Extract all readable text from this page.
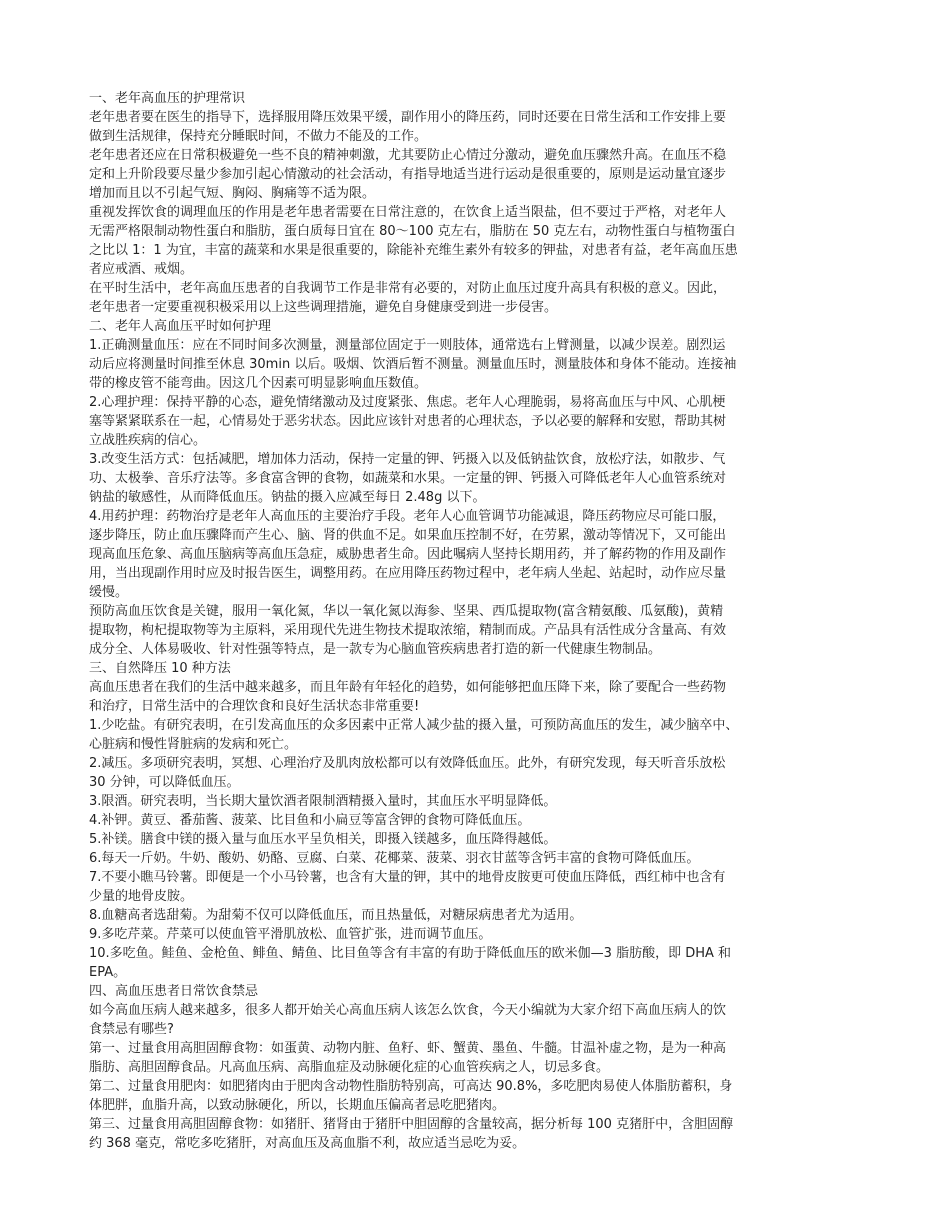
一、老年高血压的护理常识
老年患者要在医生的指导下，选择服用降压效果平缓，副作用小的降压药，同时还要在日常生活和工作安排上要
做到生活规律，保持充分睡眠时间，不做力不能及的工作。
老年患者还应在日常积极避免一些不良的精神刺激，尤其要防止心情过分激动，避免血压骤然升高。在血压不稳
定和上升阶段要尽量少参加引起心情激动的社会活动，有指导地适当进行运动是很重要的，原则是运动量宜逐步
增加而且以不引起气短、胸闷、胸痛等不适为限。
重视发挥饮食的调理血压的作用是老年患者需要在日常注意的，在饮食上适当限盐，但不要过于严格，对老年人
无需严格限制动物性蛋白和脂肪，蛋白质每日宜在 80～100 克左右，脂肪在 50 克左右，动物性蛋白与植物蛋白
之比以 1：1 为宜，丰富的蔬菜和水果是很重要的，除能补充维生素外有较多的钾盐，对患者有益，老年高血压患
者应戒酒、戒烟。
在平时生活中，老年高血压患者的自我调节工作是非常有必要的，对防止血压过度升高具有积极的意义。因此，
老年患者一定要重视积极采用以上这些调理措施，避免自身健康受到进一步侵害。
二、老年人高血压平时如何护理
1.正确测量血压：应在不同时间多次测量，测量部位固定于一则肢体，通常选右上臂测量，以减少误差。剧烈运
动后应将测量时间推至休息 30min 以后。吸烟、饮酒后暂不测量。测量血压时，测量肢体和身体不能动。连接袖
带的橡皮管不能弯曲。因这几个因素可明显影响血压数值。
2.心理护理：保持平静的心态，避免情绪激动及过度紧张、焦虑。老年人心理脆弱，易将高血压与中风、心肌梗
塞等紧紧联系在一起，心情易处于恶劣状态。因此应该针对患者的心理状态，予以必要的解释和安慰，帮助其树
立战胜疾病的信心。
3.改变生活方式：包括减肥，增加体力活动，保持一定量的钾、钙摄入以及低钠盐饮食，放松疗法，如散步、气
功、太极拳、音乐疗法等。多食富含钾的食物，如蔬菜和水果。一定量的钾、钙摄入可降低老年人心血管系统对
钠盐的敏感性，从而降低血压。钠盐的摄入应减至每日 2.48g 以下。
4.用药护理：药物治疗是老年人高血压的主要治疗手段。老年人心血管调节功能减退，降压药物应尽可能口服，
逐步降压，防止血压骤降而产生心、脑、肾的供血不足。如果血压控制不好，在劳累，激动等情况下，又可能出
现高血压危象、高血压脑病等高血压急症，威胁患者生命。因此嘱病人坚持长期用药，并了解药物的作用及副作
用，当出现副作用时应及时报告医生，调整用药。在应用降压药物过程中，老年病人坐起、站起时，动作应尽量
缓慢。
预防高血压饮食是关键，服用一氧化氮，华以一氧化氮以海参、坚果、西瓜提取物(富含精氨酸、瓜氨酸)，黄精
提取物，枸杞提取物等为主原料，采用现代先进生物技术提取浓缩，精制而成。产品具有活性成分含量高、有效
成分全、人体易吸收、针对性强等特点，是一款专为心脑血管疾病患者打造的新一代健康生物制品。
三、自然降压 10 种方法
高血压患者在我们的生活中越来越多，而且年龄有年轻化的趋势，如何能够把血压降下来，除了要配合一些药物
和治疗，日常生活中的合理饮食和良好生活状态非常重要!
1.少吃盐。有研究表明，在引发高血压的众多因素中正常人减少盐的摄入量，可预防高血压的发生，减少脑卒中、
心脏病和慢性肾脏病的发病和死亡。
2.减压。多项研究表明，冥想、心理治疗及肌肉放松都可以有效降低血压。此外，有研究发现，每天听音乐放松
30 分钟，可以降低血压。
3.限酒。研究表明，当长期大量饮酒者限制酒精摄入量时，其血压水平明显降低。
4.补钾。黄豆、番茄酱、菠菜、比目鱼和小扁豆等富含钾的食物可降低血压。
5.补镁。膳食中镁的摄入量与血压水平呈负相关，即摄入镁越多，血压降得越低。
6.每天一斤奶。牛奶、酸奶、奶酪、豆腐、白菜、花椰菜、菠菜、羽衣甘蓝等含钙丰富的食物可降低血压。
7.不要小瞧马铃薯。即便是一个小马铃薯，也含有大量的钾，其中的地骨皮胺更可使血压降低，西红柿中也含有
少量的地骨皮胺。
8.血糖高者选甜菊。为甜菊不仅可以降低血压，而且热量低，对糖尿病患者尤为适用。
9.多吃芹菜。芹菜可以使血管平滑肌放松、血管扩张，进而调节血压。
10.多吃鱼。鲑鱼、金枪鱼、鲱鱼、鲭鱼、比目鱼等含有丰富的有助于降低血压的欧米伽—3 脂肪酸，即 DHA 和
EPA。
四、高血压患者日常饮食禁忌
如今高血压病人越来越多，很多人都开始关心高血压病人该怎么饮食，今天小编就为大家介绍下高血压病人的饮
食禁忌有哪些?
第一、过量食用高胆固醇食物：如蛋黄、动物内脏、鱼籽、虾、蟹黄、墨鱼、牛髓。甘温补虚之物，是为一种高
脂肪、高胆固醇食品。凡高血压病、高脂血症及动脉硬化症的心血管疾病之人，切忌多食。
第二、过量食用肥肉：如肥猪肉由于肥肉含动物性脂肪特别高，可高达 90.8%，多吃肥肉易使人体脂肪蓄积，身
体肥胖，血脂升高，以致动脉硬化，所以，长期血压偏高者忌吃肥猪肉。
第三、过量食用高胆固醇食物：如猪肝、猪肾由于猪肝中胆固醇的含量较高，据分析每 100 克猪肝中，含胆固醇
约 368 毫克，常吃多吃猪肝，对高血压及高血脂不利，故应适当忌吃为妥。
